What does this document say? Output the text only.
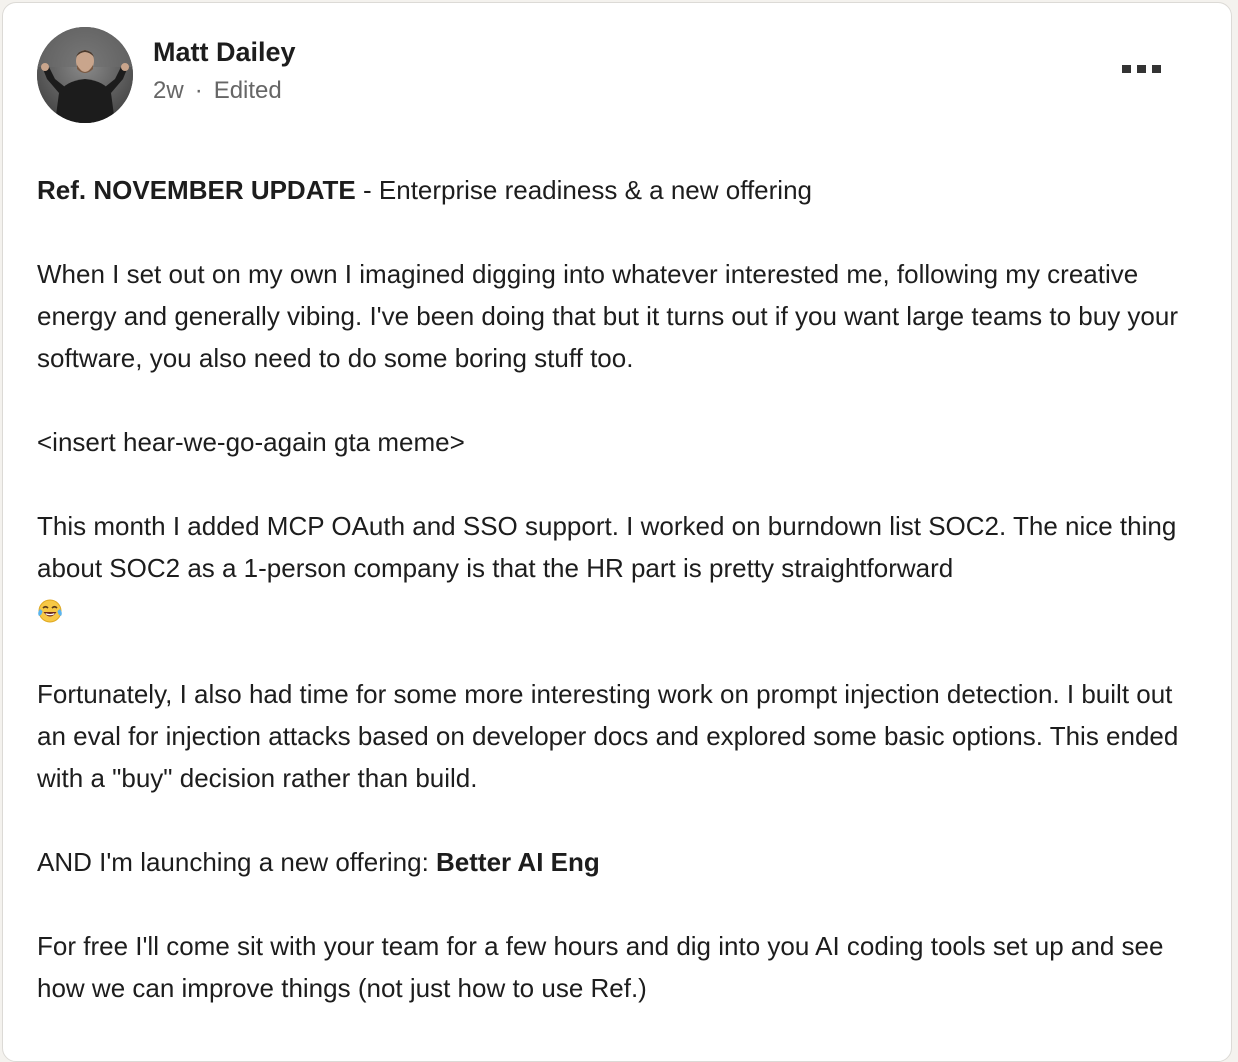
Matt Dailey
2w · Edited

Ref. NOVEMBER UPDATE - Enterprise readiness & a new offering

When I set out on my own I imagined digging into whatever interested me, following my creative energy and generally vibing. I've been doing that but it turns out if you want large teams to buy your software, you also need to do some boring stuff too.

<insert hear-we-go-again gta meme>

This month I added MCP OAuth and SSO support. I worked on burndown list SOC2. The nice thing about SOC2 as a 1-person company is that the HR part is pretty straightforward

Fortunately, I also had time for some more interesting work on prompt injection detection. I built out an eval for injection attacks based on developer docs and explored some basic options. This ended with a "buy" decision rather than build.

AND I'm launching a new offering: Better AI Eng

For free I'll come sit with your team for a few hours and dig into you AI coding tools set up and see how we can improve things (not just how to use Ref.)
